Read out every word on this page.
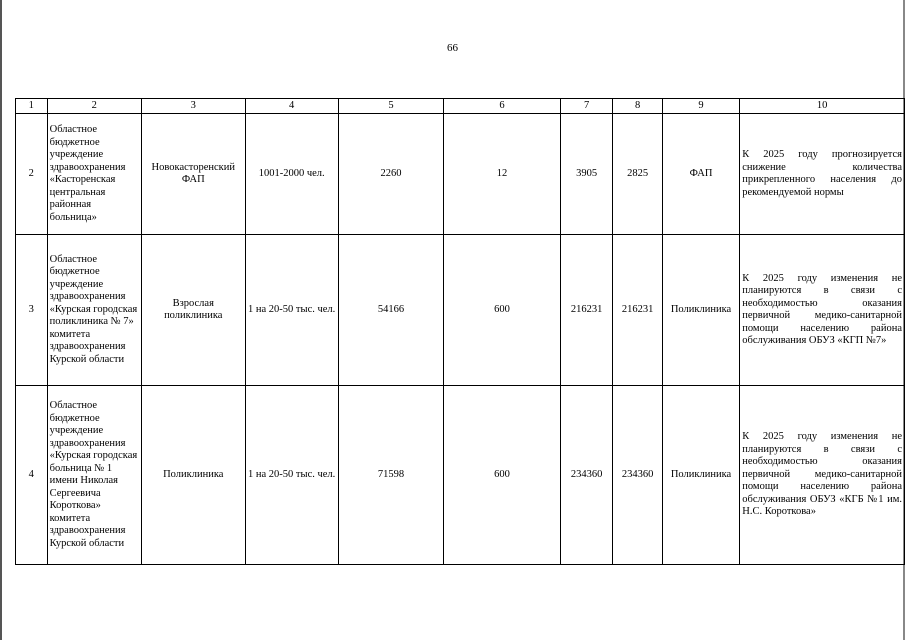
66
1	2	3	4	5	6	7	8	9	10
2	Областное бюджетное учреждение здравоохранения «Касторенская центральная районная больница»	Новокасторенский ФАП	1001-2000 чел.	2260	12	3905	2825	ФАП	К 2025 году прогнозируется снижение количества прикрепленного населения до рекомендуемой нормы
3	Областное бюджетное учреждение здравоохранения «Курская городская поликлиника № 7» комитета здравоохранения Курской области	Взрослая поликлиника	1 на 20-50 тыс. чел.	54166	600	216231	216231	Поликлиника	К 2025 году изменения не планируются в связи с необходимостью оказания первичной медико-санитарной помощи населению района обслуживания ОБУЗ «КГП №7»
4	Областное бюджетное учреждение здравоохранения «Курская городская больница № 1 имени Николая Сергеевича Короткова» комитета здравоохранения Курской области	Поликлиника	1 на 20-50 тыс. чел.	71598	600	234360	234360	Поликлиника	К 2025 году изменения не планируются в связи с необходимостью оказания первичной медико-санитарной помощи населению района обслуживания ОБУЗ «КГБ №1 им. Н.С. Короткова»
